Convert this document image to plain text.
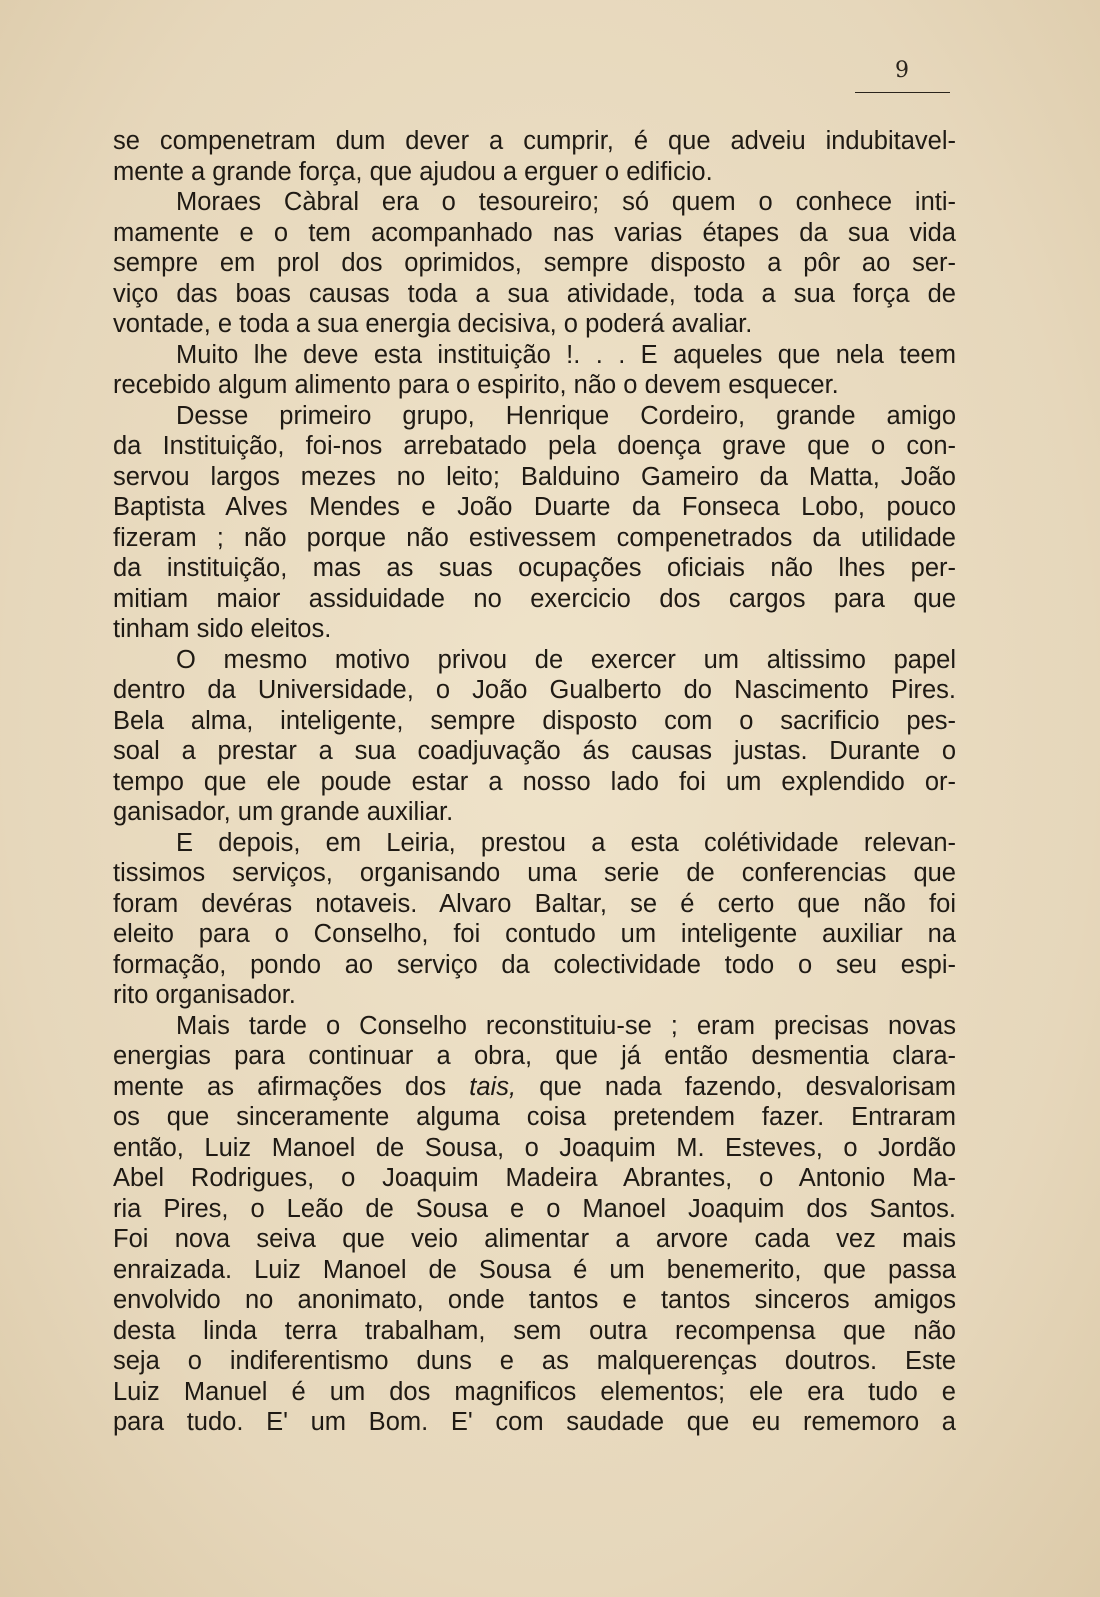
9
se compenetram dum dever a cumprir, é que adveiu indubitavel-
mente a grande força, que ajudou a erguer o edificio.
Moraes Càbral era o tesoureiro; só quem o conhece inti-
mamente e o tem acompanhado nas varias étapes da sua vida
sempre em prol dos oprimidos, sempre disposto a pôr ao ser-
viço das boas causas toda a sua atividade, toda a sua força de
vontade, e toda a sua energia decisiva, o poderá avaliar.
Muito lhe deve esta instituição !. . . E aqueles que nela teem
recebido algum alimento para o espirito, não o devem esquecer.
Desse primeiro grupo, Henrique Cordeiro, grande amigo
da Instituição, foi-nos arrebatado pela doença grave que o con-
servou largos mezes no leito; Balduino Gameiro da Matta, João
Baptista Alves Mendes e João Duarte da Fonseca Lobo, pouco
fizeram ; não porque não estivessem compenetrados da utilidade
da instituição, mas as suas ocupações oficiais não lhes per-
mitiam maior assiduidade no exercicio dos cargos para que
tinham sido eleitos.
O mesmo motivo privou de exercer um altissimo papel
dentro da Universidade, o João Gualberto do Nascimento Pires.
Bela alma, inteligente, sempre disposto com o sacrificio pes-
soal a prestar a sua coadjuvação ás causas justas. Durante o
tempo que ele poude estar a nosso lado foi um explendido or-
ganisador, um grande auxiliar.
E depois, em Leiria, prestou a esta colétividade relevan-
tissimos serviços, organisando uma serie de conferencias que
foram devéras notaveis. Alvaro Baltar, se é certo que não foi
eleito para o Conselho, foi contudo um inteligente auxiliar na
formação, pondo ao serviço da colectividade todo o seu espi-
rito organisador.
Mais tarde o Conselho reconstituiu-se ; eram precisas novas
energias para continuar a obra, que já então desmentia clara-
mente as afirmações dos tais, que nada fazendo, desvalorisam
os que sinceramente alguma coisa pretendem fazer. Entraram
então, Luiz Manoel de Sousa, o Joaquim M. Esteves, o Jordão
Abel Rodrigues, o Joaquim Madeira Abrantes, o Antonio Ma-
ria Pires, o Leão de Sousa e o Manoel Joaquim dos Santos.
Foi nova seiva que veio alimentar a arvore cada vez mais
enraizada. Luiz Manoel de Sousa é um benemerito, que passa
envolvido no anonimato, onde tantos e tantos sinceros amigos
desta linda terra trabalham, sem outra recompensa que não
seja o indiferentismo duns e as malquerenças doutros. Este
Luiz Manuel é um dos magnificos elementos; ele era tudo e
para tudo. E' um Bom. E' com saudade que eu rememoro a
